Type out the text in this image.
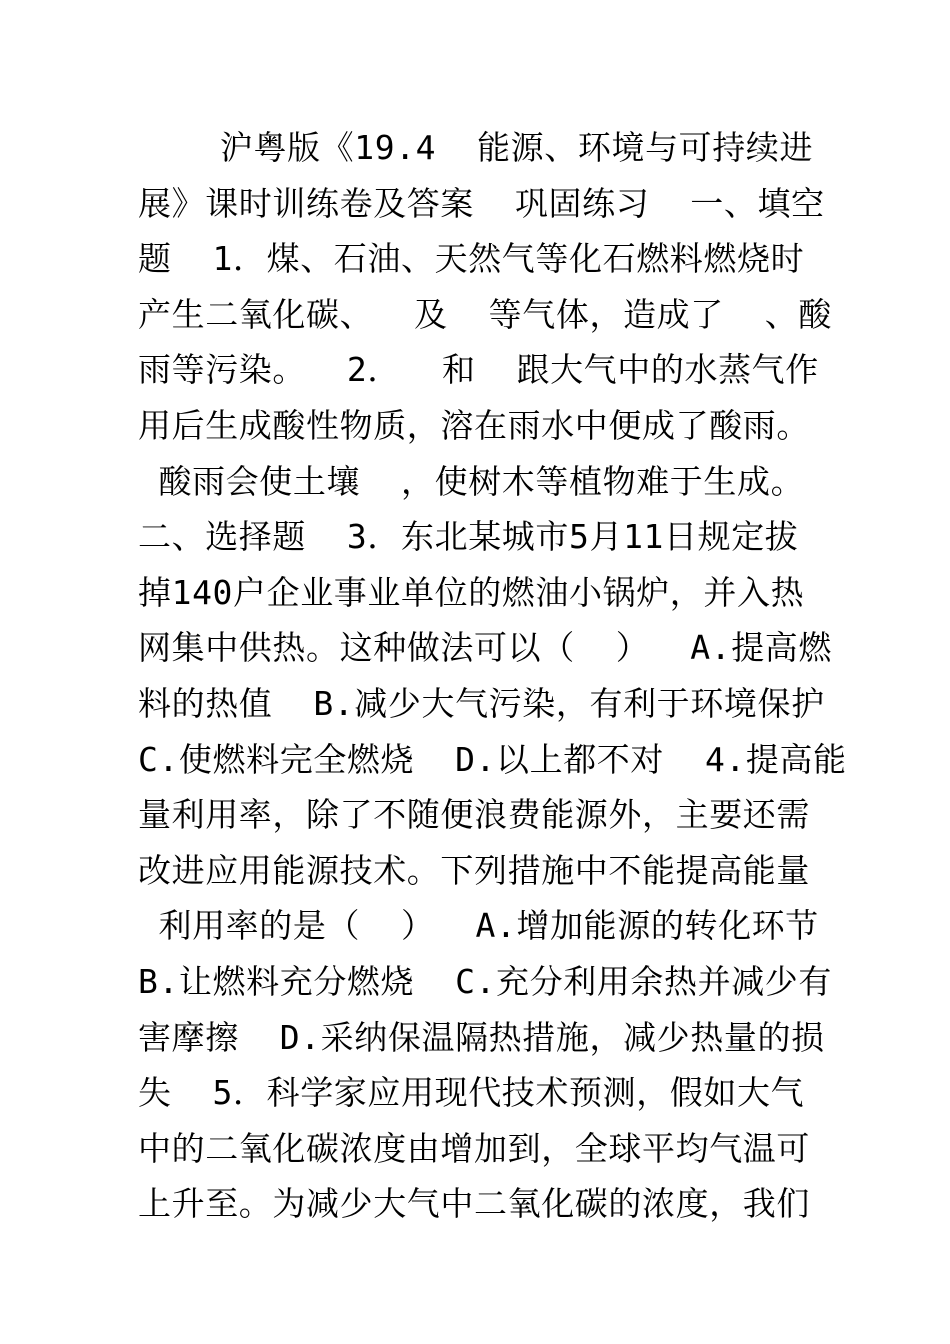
沪粤版《19.4  能源、环境与可持续进
展》课时训练卷及答案  巩固练习  一、填空
题  1．煤、石油、天然气等化石燃料燃烧时
产生二氧化碳、  及  等气体，造成了  、酸
雨等污染。  2．  和  跟大气中的水蒸气作
用后生成酸性物质，溶在雨水中便成了酸雨。
酸雨会使土壤  ，使树木等植物难于生成。
二、选择题  3．东北某城市5月11日规定拔
掉140户企业事业单位的燃油小锅炉，并入热
网集中供热。这种做法可以（  ）  A.提高燃
料的热值  B.减少大气污染，有利于环境保护
C.使燃料完全燃烧  D.以上都不对  4.提高能
量利用率，除了不随便浪费能源外，主要还需
改进应用能源技术。下列措施中不能提高能量
利用率的是（  ）  A.增加能源的转化环节
B.让燃料充分燃烧  C.充分利用余热并减少有
害摩擦  D.采纳保温隔热措施，减少热量的损
失  5．科学家应用现代技术预测，假如大气
中的二氧化碳浓度由增加到，全球平均气温可
上升至。为减少大气中二氧化碳的浓度，我们
